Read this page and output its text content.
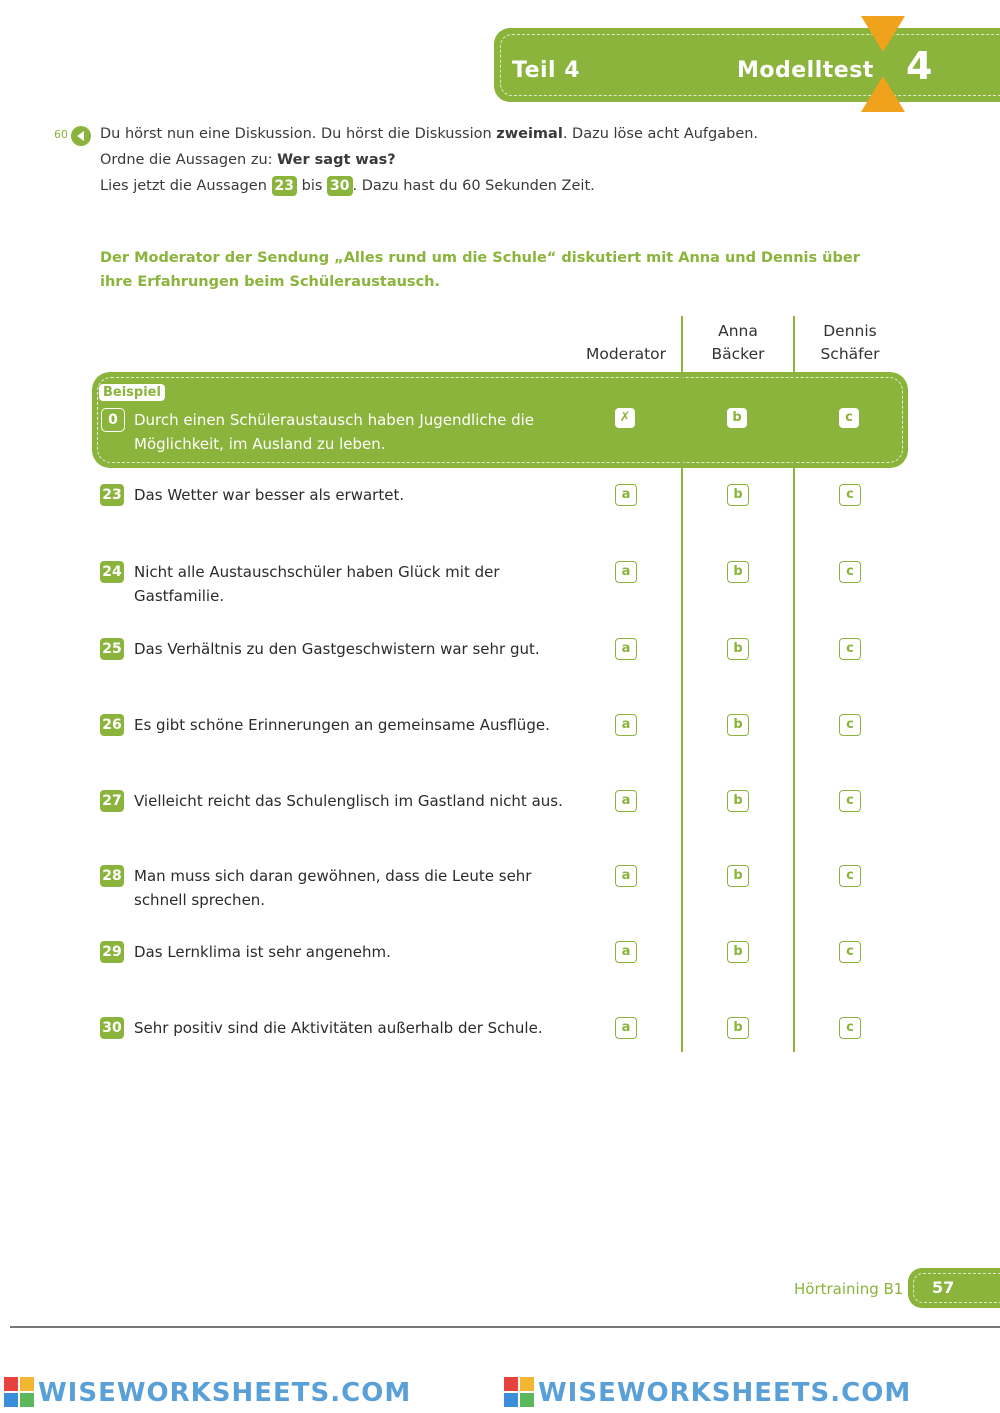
Teil 4	Modelltest 4
60 Du hörst nun eine Diskussion. Du hörst die Diskussion zweimal. Dazu löse acht Aufgaben.
Ordne die Aussagen zu: Wer sagt was?
Lies jetzt die Aussagen 23 bis 30 . Dazu hast du 60 Sekunden Zeit.
Der Moderator der Sendung „Alles rund um die Schule“ diskutiert mit Anna und Dennis über ihre Erfahrungen beim Schüleraustausch.
Moderator
Anna
Bäcker
Dennis
Schäfer
Beispiel
0	Durch einen Schüleraustausch haben Jugendliche die Möglichkeit, im Ausland zu leben.
✗	b	c
23 Das Wetter war besser als erwartet.	a	b	c
24 Nicht alle Austauschschüler haben Glück mit der Gastfamilie.
a	b	c
25 Das Verhältnis zu den Gastgeschwistern war sehr gut.	a	b	c
26 Es gibt schöne Erinnerungen an gemeinsame Ausflüge.	a	b	c
27 Vielleicht reicht das Schulenglisch im Gastland nicht aus.	a	b	c
28 Man muss sich daran gewöhnen, dass die Leute sehr schnell sprechen.
a	b	c
29 Das Lernklima ist sehr angenehm.	a	b	c
30 Sehr positiv sind die Aktivitäten außerhalb der Schule.	a	b	c
Hörtraining B1 57
WISEWORKSHEETS.COM	WISEWORKSHEETS.COM
